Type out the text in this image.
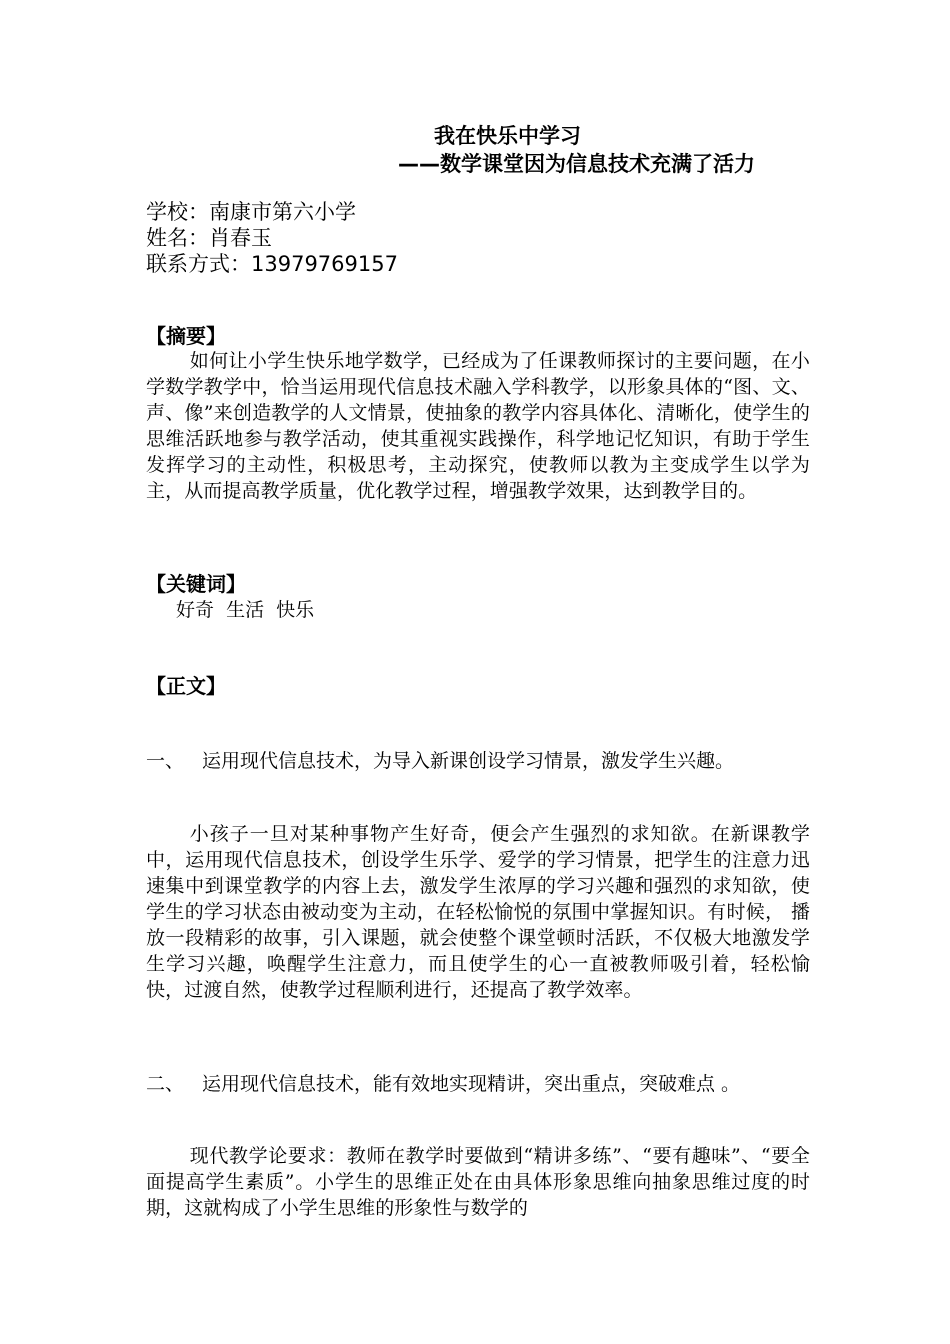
我在快乐中学习
——数学课堂因为信息技术充满了活力
学校：南康市第六小学
姓名：肖春玉
联系方式：13979769157
【摘要】
如何让小学生快乐地学数学，已经成为了任课教师探讨的主要问题，在小学数学教学中，恰当运用现代信息技术融入学科教学，以形象具体的“图、文、声、像”来创造教学的人文情景，使抽象的教学内容具体化、清晰化，使学生的思维活跃地参与教学活动，使其重视实践操作，科学地记忆知识，有助于学生发挥学习的主动性，积极思考，主动探究，使教师以教为主变成学生以学为主，从而提高教学质量，优化教学过程，增强教学效果，达到教学目的。
【关键词】
好奇  生活  快乐
【正文】
一、 运用现代信息技术，为导入新课创设学习情景，激发学生兴趣。
小孩子一旦对某种事物产生好奇，便会产生强烈的求知欲。在新课教学中，运用现代信息技术，创设学生乐学、爱学的学习情景，把学生的注意力迅速集中到课堂教学的内容上去，激发学生浓厚的学习兴趣和强烈的求知欲，使学生的学习状态由被动变为主动，在轻松愉悦的氛围中掌握知识。有时候， 播放一段精彩的故事，引入课题，就会使整个课堂顿时活跃，不仅极大地激发学生学习兴趣，唤醒学生注意力，而且使学生的心一直被教师吸引着，轻松愉快，过渡自然，使教学过程顺利进行，还提高了教学效率。
二、 运用现代信息技术，能有效地实现精讲，突出重点，突破难点 。
现代教学论要求：教师在教学时要做到“精讲多练”、“要有趣味”、“要全面提高学生素质”。小学生的思维正处在由具体形象思维向抽象思维过度的时期，这就构成了小学生思维的形象性与数学的
